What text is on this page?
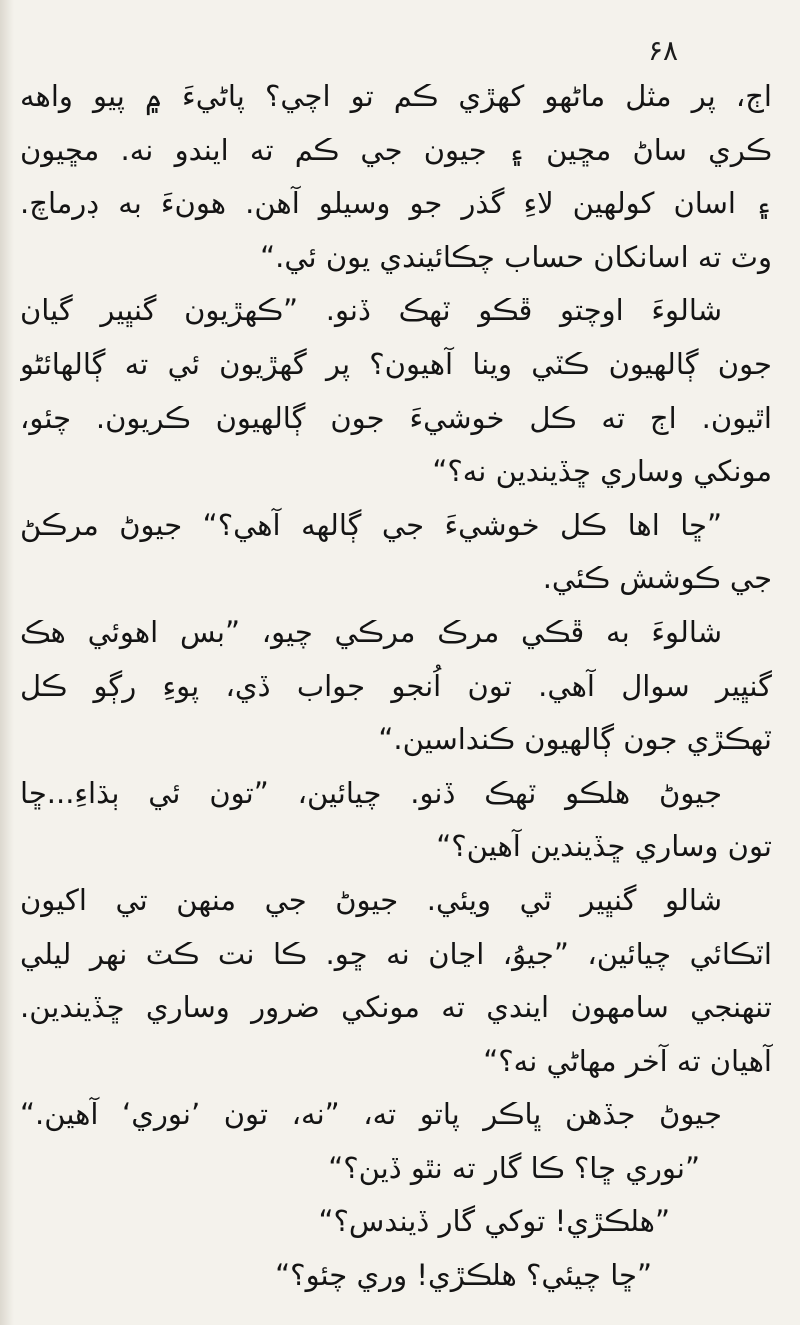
۶۸
اڄ، پر مثل ماڻهو کهڙي ڪم تو اچي؟ پاڻيءَ ۾ پيو واهه
ڪري ساڻ مڇين ۽ جيون جي ڪم ته ايندو نه. مڇيون
۽ اسان کولهين لاءِ گذر جو وسيلو آهن. هونءَ به ڊرماچ.
وٽ ته اسانکان حساب چڪائيندي يون ئي.“
شالوءَ اوچتو ڦڪو ٽهڪ ڏنو. ”ڪهڙيون گنڀير گيان
جون ڳالهيون ڪٽي وينا آهيون؟ پر گهڙيون ئي ته ڳالهائڻو
اٿيون. اڄ ته ڪل خوشيءَ جون ڳالهيون ڪريون. چئو،
مونکي وساري ڇڏيندين نه؟“
”ڇا اها ڪل خوشيءَ جي ڳالهه آهي؟“ جيوڻ مرڪڻ
جي ڪوشش ڪئي.
شالوءَ به ڦڪي مرڪ مرڪي چيو، ”بس اهوئي هڪ
گنڀير سوال آهي. تون اُنجو جواب ڏي، پوءِ رڳو ڪل
ٽهڪڙي جون ڳالهيون ڪنداسين.“
جيوڻ هلڪو ٽهڪ ڏنو. چيائين، ”تون ئي ٻڌاءِ...ڇا
تون وساري ڇڏيندين آهين؟“
شالو گنڀير ٿي ويئي. جيوڻ جي منهن تي اکيون
اٽڪائي چيائين، ”جيوُ، اڃان نه ڇو. ڪا نت ڪٽ نهر ليلي
تنهنجي سامهون ايندي ته مونکي ضرور وساري ڇڏيندين.
آهيان ته آخر مهاڻي نه؟“
جيوڻ جڏهن ڀاڪر پاتو ته، ”نه، تون ’نوري‘ آهين.“
”نوري ڇا؟ ڪا گار ته نٿو ڏين؟“
”هلڪڙي! توکي گار ڏيندس؟“
”ڇا چيئي؟ هلڪڙي! وري چئو؟“
